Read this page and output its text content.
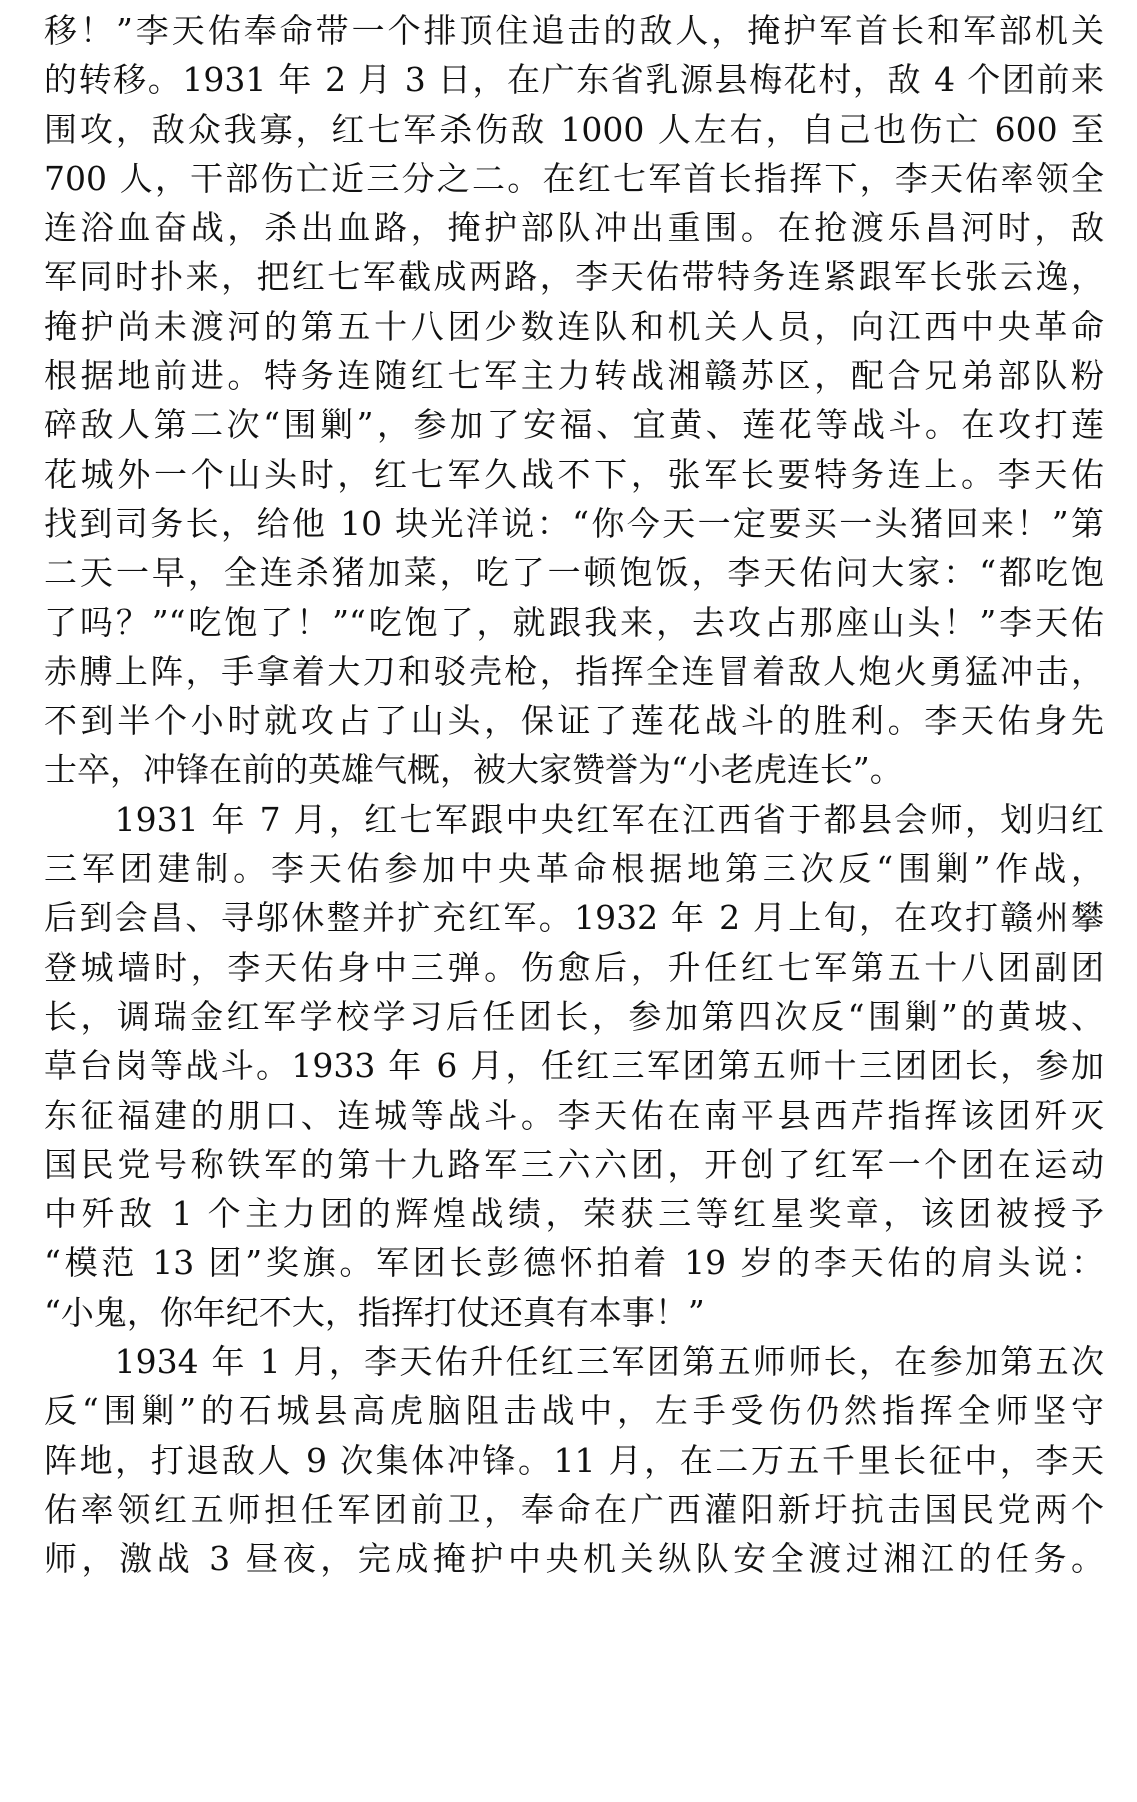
移！”李天佑奉命带一个排顶住追击的敌人，掩护军首长和军部机关
的转移。1931 年 2 月 3 日，在广东省乳源县梅花村，敌 4 个团前来
围攻，敌众我寡，红七军杀伤敌 1000 人左右，自己也伤亡 600 至
700 人，干部伤亡近三分之二。在红七军首长指挥下，李天佑率领全
连浴血奋战，杀出血路，掩护部队冲出重围。在抢渡乐昌河时，敌
军同时扑来，把红七军截成两路，李天佑带特务连紧跟军长张云逸，
掩护尚未渡河的第五十八团少数连队和机关人员，向江西中央革命
根据地前进。特务连随红七军主力转战湘赣苏区，配合兄弟部队粉
碎敌人第二次“围剿”，参加了安福、宜黄、莲花等战斗。在攻打莲
花城外一个山头时，红七军久战不下，张军长要特务连上。李天佑
找到司务长，给他 10 块光洋说：“你今天一定要买一头猪回来！”第
二天一早，全连杀猪加菜，吃了一顿饱饭，李天佑问大家：“都吃饱
了吗？”“吃饱了！”“吃饱了，就跟我来，去攻占那座山头！”李天佑
赤膊上阵，手拿着大刀和驳壳枪，指挥全连冒着敌人炮火勇猛冲击，
不到半个小时就攻占了山头，保证了莲花战斗的胜利。李天佑身先
士卒，冲锋在前的英雄气概，被大家赞誉为“小老虎连长”。
　　1931 年 7 月，红七军跟中央红军在江西省于都县会师，划归红
三军团建制。李天佑参加中央革命根据地第三次反“围剿”作战，
后到会昌、寻邬休整并扩充红军。1932 年 2 月上旬，在攻打赣州攀
登城墙时，李天佑身中三弹。伤愈后，升任红七军第五十八团副团
长，调瑞金红军学校学习后任团长，参加第四次反“围剿”的黄坡、
草台岗等战斗。1933 年 6 月，任红三军团第五师十三团团长，参加
东征福建的朋口、连城等战斗。李天佑在南平县西芹指挥该团歼灭
国民党号称铁军的第十九路军三六六团，开创了红军一个团在运动
中歼敌 1 个主力团的辉煌战绩，荣获三等红星奖章，该团被授予
“模范 13 团”奖旗。军团长彭德怀拍着 19 岁的李天佑的肩头说：
“小鬼，你年纪不大，指挥打仗还真有本事！”
　　1934 年 1 月，李天佑升任红三军团第五师师长，在参加第五次
反“围剿”的石城县高虎脑阻击战中，左手受伤仍然指挥全师坚守
阵地，打退敌人 9 次集体冲锋。11 月，在二万五千里长征中，李天
佑率领红五师担任军团前卫，奉命在广西灌阳新圩抗击国民党两个
师，激战 3 昼夜，完成掩护中央机关纵队安全渡过湘江的任务。
